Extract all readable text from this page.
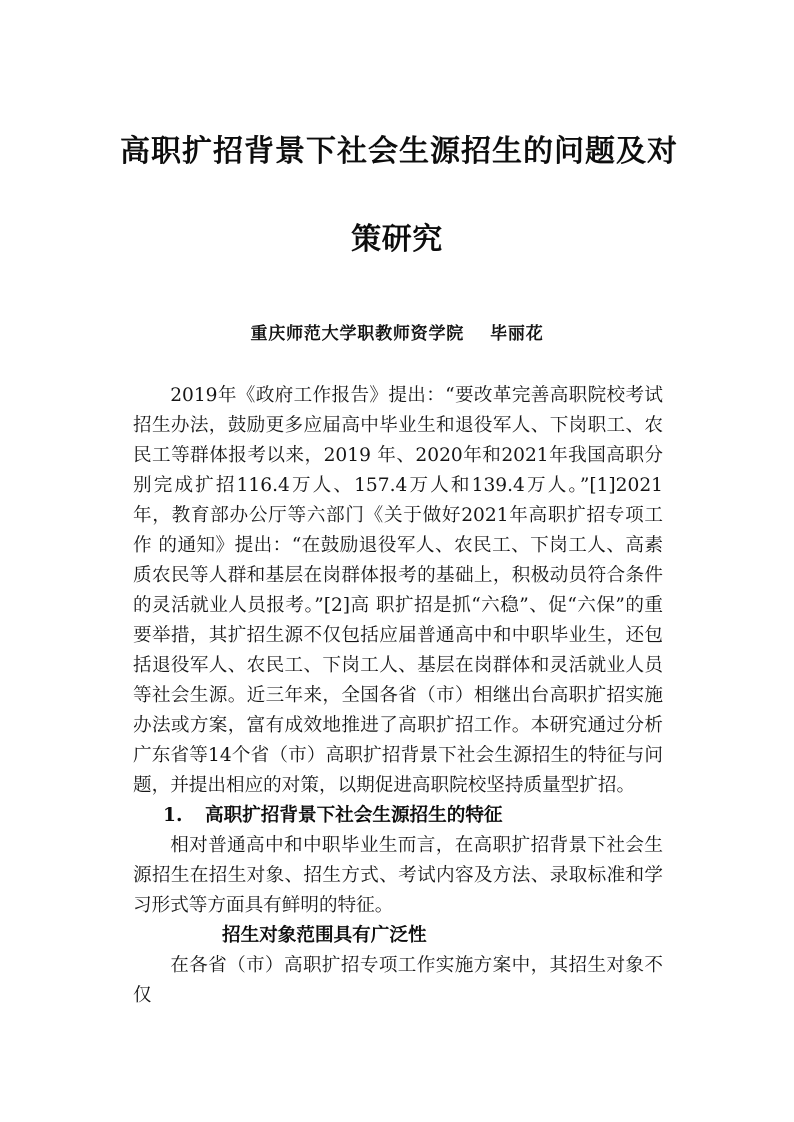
高职扩招背景下社会生源招生的问题及对
策研究
重庆师范大学职教师资学院 毕丽花

2019年《政府工作报告》提出：“要改革完善高职院校考试招生办法，鼓励更多应届高中毕业生和退役军人、下岗职工、农民工等群体报考以来，2019 年、2020年和2021年我国高职分别完成扩招116.4万人、157.4万人和139.4万人。”[1]2021年，教育部办公厅等六部门《关于做好2021年高职扩招专项工作 的通知》提出：“在鼓励退役军人、农民工、下岗工人、高素质农民等人群和基层在岗群体报考的基础上，积极动员符合条件的灵活就业人员报考。”[2]高 职扩招是抓“六稳”、促“六保”的重要举措，其扩招生源不仅包括应届普通高中和中职毕业生，还包括退役军人、农民工、下岗工人、基层在岗群体和灵活就业人员等社会生源。近三年来，全国各省（市）相继出台高职扩招实施办法或方案，富有成效地推进了高职扩招工作。本研究通过分析广东省等14个省（市）高职扩招背景下社会生源招生的特征与问题，并提出相应的对策，以期促进高职院校坚持质量型扩招。

1. 高职扩招背景下社会生源招生的特征

相对普通高中和中职毕业生而言，在高职扩招背景下社会生源招生在招生对象、招生方式、考试内容及方法、录取标准和学习形式等方面具有鲜明的特征。

招生对象范围具有广泛性

在各省（市）高职扩招专项工作实施方案中，其招生对象不仅
